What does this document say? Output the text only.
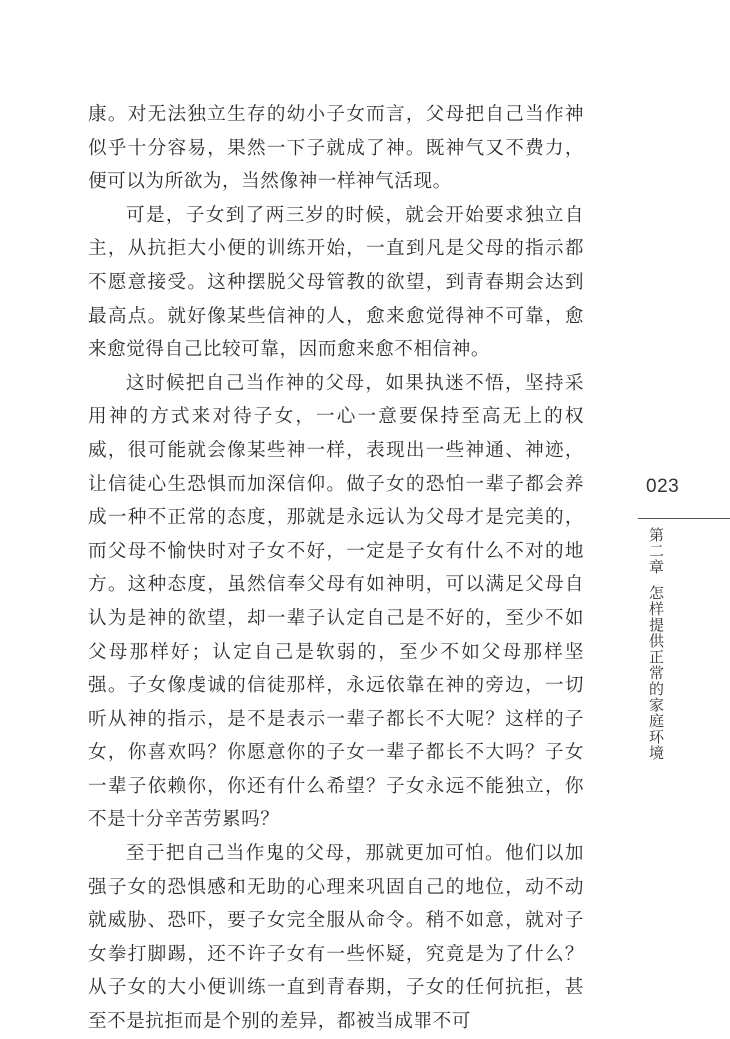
康。对无法独立生存的幼小子女而言，父母把自己当作神似乎十分容易，果然一下子就成了神。既神气又不费力，便可以为所欲为，当然像神一样神气活现。

可是，子女到了两三岁的时候，就会开始要求独立自主，从抗拒大小便的训练开始，一直到凡是父母的指示都不愿意接受。这种摆脱父母管教的欲望，到青春期会达到最高点。就好像某些信神的人，愈来愈觉得神不可靠，愈来愈觉得自己比较可靠，因而愈来愈不相信神。

这时候把自己当作神的父母，如果执迷不悟，坚持采用神的方式来对待子女，一心一意要保持至高无上的权威，很可能就会像某些神一样，表现出一些神通、神迹，让信徒心生恐惧而加深信仰。做子女的恐怕一辈子都会养成一种不正常的态度，那就是永远认为父母才是完美的，而父母不愉快时对子女不好，一定是子女有什么不对的地方。这种态度，虽然信奉父母有如神明，可以满足父母自认为是神的欲望，却一辈子认定自己是不好的，至少不如父母那样好；认定自己是软弱的，至少不如父母那样坚强。子女像虔诚的信徒那样，永远依靠在神的旁边，一切听从神的指示，是不是表示一辈子都长不大呢？这样的子女，你喜欢吗？你愿意你的子女一辈子都长不大吗？子女一辈子依赖你，你还有什么希望？子女永远不能独立，你不是十分辛苦劳累吗？

至于把自己当作鬼的父母，那就更加可怕。他们以加强子女的恐惧感和无助的心理来巩固自己的地位，动不动就威胁、恐吓，要子女完全服从命令。稍不如意，就对子女拳打脚踢，还不许子女有一些怀疑，究竟是为了什么？从子女的大小便训练一直到青春期，子女的任何抗拒，甚至不是抗拒而是个别的差异，都被当成罪不可

023
第二章怎样提供正常的家庭环境
